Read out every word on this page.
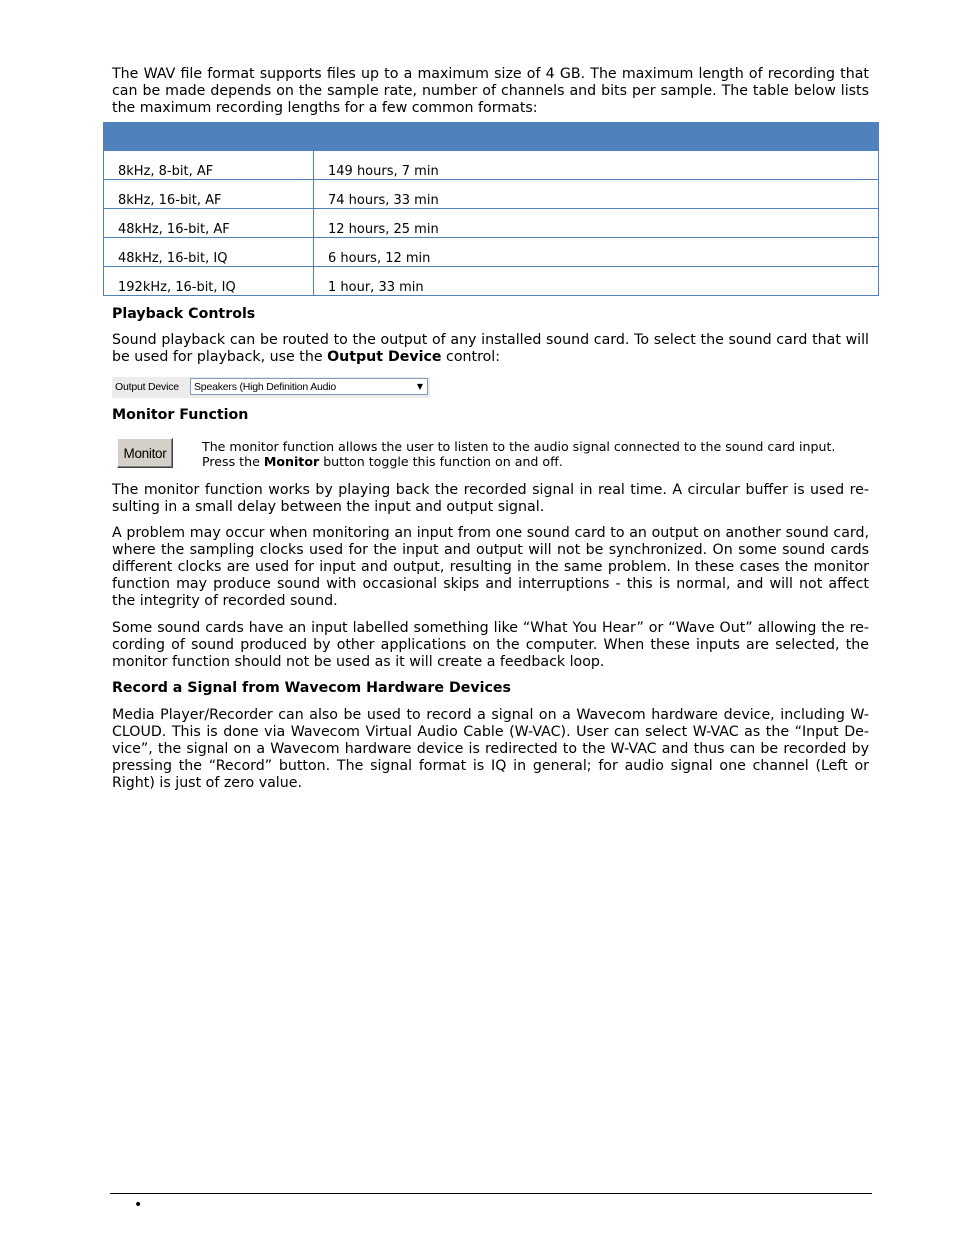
The WAV file format supports files up to a maximum size of 4 GB. The maximum length of recording that can be made depends on the sample rate, number of channels and bits per sample. The table below lists the maximum recording lengths for a few common formats:

8kHz, 8-bit, AF	149 hours, 7 min
8kHz, 16-bit, AF	74 hours, 33 min
48kHz, 16-bit, AF	12 hours, 25 min
48kHz, 16-bit, IQ	6 hours, 12 min
192kHz, 16-bit, IQ	1 hour, 33 min
Playback Controls

Sound playback can be routed to the output of any installed sound card. To select the sound card that will be used for playback, use the Output Device control:

Output Device Speakers (High Definition Audio	▼
Monitor Function
Monitor	The monitor function allows the user to listen to the audio signal connected to the sound card input.
Press the Monitor button toggle this function on and off.

The monitor function works by playing back the recorded signal in real time. A circular buffer is used re-sulting in a small delay between the input and output signal.

A problem may occur when monitoring an input from one sound card to an output on another sound card, where the sampling clocks used for the input and output will not be synchronized. On some sound cards different clocks are used for input and output, resulting in the same problem. In these cases the monitor function may produce sound with occasional skips and interruptions - this is normal, and will not affect the integrity of recorded sound.

Some sound cards have an input labelled something like “What You Hear” or “Wave Out” allowing the re-cording of sound produced by other applications on the computer. When these inputs are selected, the monitor function should not be used as it will create a feedback loop.

Record a Signal from Wavecom Hardware Devices

Media Player/Recorder can also be used to record a signal on a Wavecom hardware device, including W-CLOUD. This is done via Wavecom Virtual Audio Cable (W-VAC). User can select W-VAC as the “Input De-vice”, the signal on a Wavecom hardware device is redirected to the W-VAC and thus can be recorded by pressing the “Record” button. The signal format is IQ in general; for audio signal one channel (Left or Right) is just of zero value.

•
